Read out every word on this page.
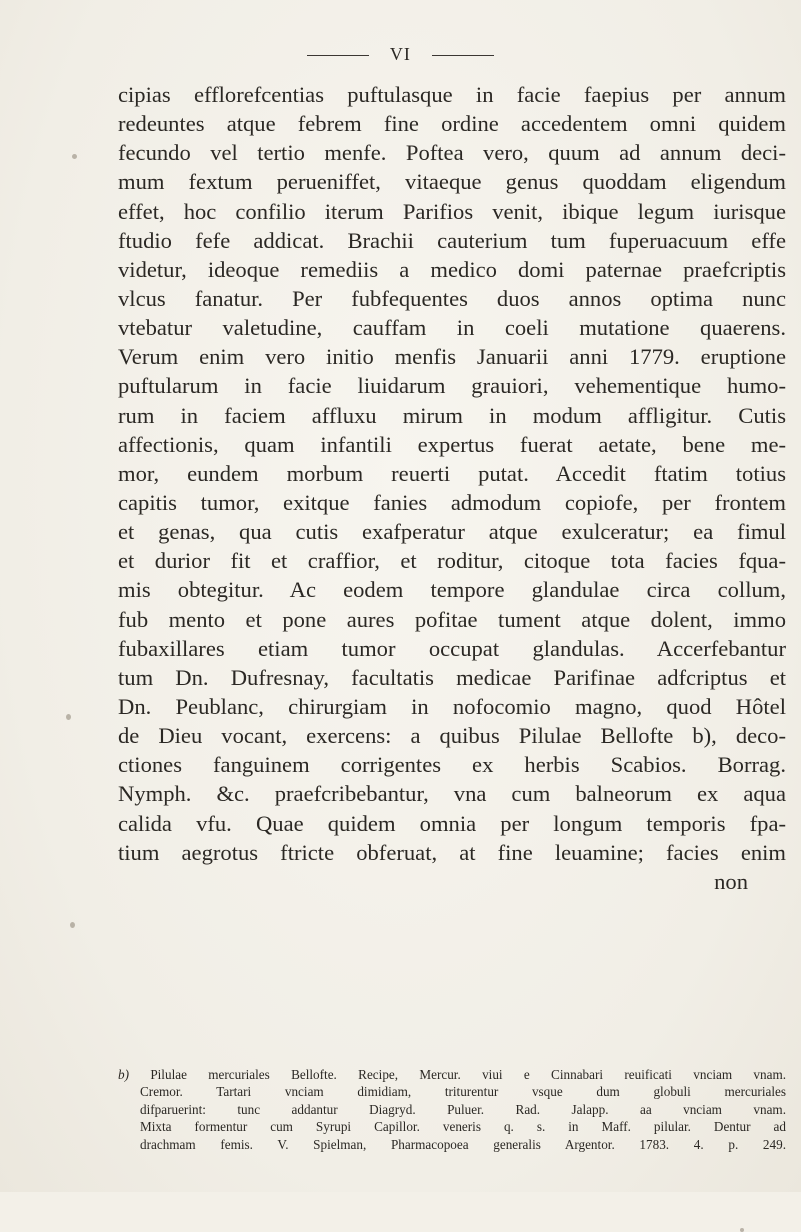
VI
cipias efflorefcentias puftulasque in facie faepius per annum
redeuntes atque febrem fine ordine accedentem omni quidem
fecundo vel tertio menfe. Poftea vero, quum ad annum deci-
mum fextum perueniffet, vitaeque genus quoddam eligendum
effet, hoc confilio iterum Parifios venit, ibique legum iurisque
ftudio fefe addicat. Brachii cauterium tum fuperuacuum effe
videtur, ideoque remediis a medico domi paternae praefcriptis
vlcus fanatur. Per fubfequentes duos annos optima nunc
vtebatur valetudine, cauffam in coeli mutatione quaerens.
Verum enim vero initio menfis Januarii anni 1779. eruptione
puftularum in facie liuidarum grauiori, vehementique humo-
rum in faciem affluxu mirum in modum affligitur. Cutis
affectionis, quam infantili expertus fuerat aetate, bene me-
mor, eundem morbum reuerti putat. Accedit ftatim totius
capitis tumor, exitque fanies admodum copiofe, per frontem
et genas, qua cutis exafperatur atque exulceratur; ea fimul
et durior fit et craffior, et roditur, citoque tota facies fqua-
mis obtegitur. Ac eodem tempore glandulae circa collum,
fub mento et pone aures pofitae tument atque dolent, immo
fubaxillares etiam tumor occupat glandulas. Accerfebantur
tum Dn. Dufresnay, facultatis medicae Parifinae adfcriptus et
Dn. Peublanc, chirurgiam in nofocomio magno, quod Hôtel
de Dieu vocant, exercens: a quibus Pilulae Bellofte b), deco-
ctiones fanguinem corrigentes ex herbis Scabios. Borrag.
Nymph. &c. praefcribebantur, vna cum balneorum ex aqua
calida vfu. Quae quidem omnia per longum temporis fpa-
tium aegrotus ftricte obferuat, at fine leuamine; facies enim
non
b) Pilulae mercuriales Bellofte. Recipe, Mercur. viui e Cinnabari reuificati vnciam vnam.
Cremor. Tartari vnciam dimidiam, triturentur vsque dum globuli mercuriales
difparuerint: tunc addantur Diagryd. Puluer. Rad. Jalapp. aa vnciam vnam.
Mixta formentur cum Syrupi Capillor. veneris q. s. in Maff. pilular. Dentur ad
drachmam femis. V. Spielman, Pharmacopoea generalis Argentor. 1783. 4. p. 249.
